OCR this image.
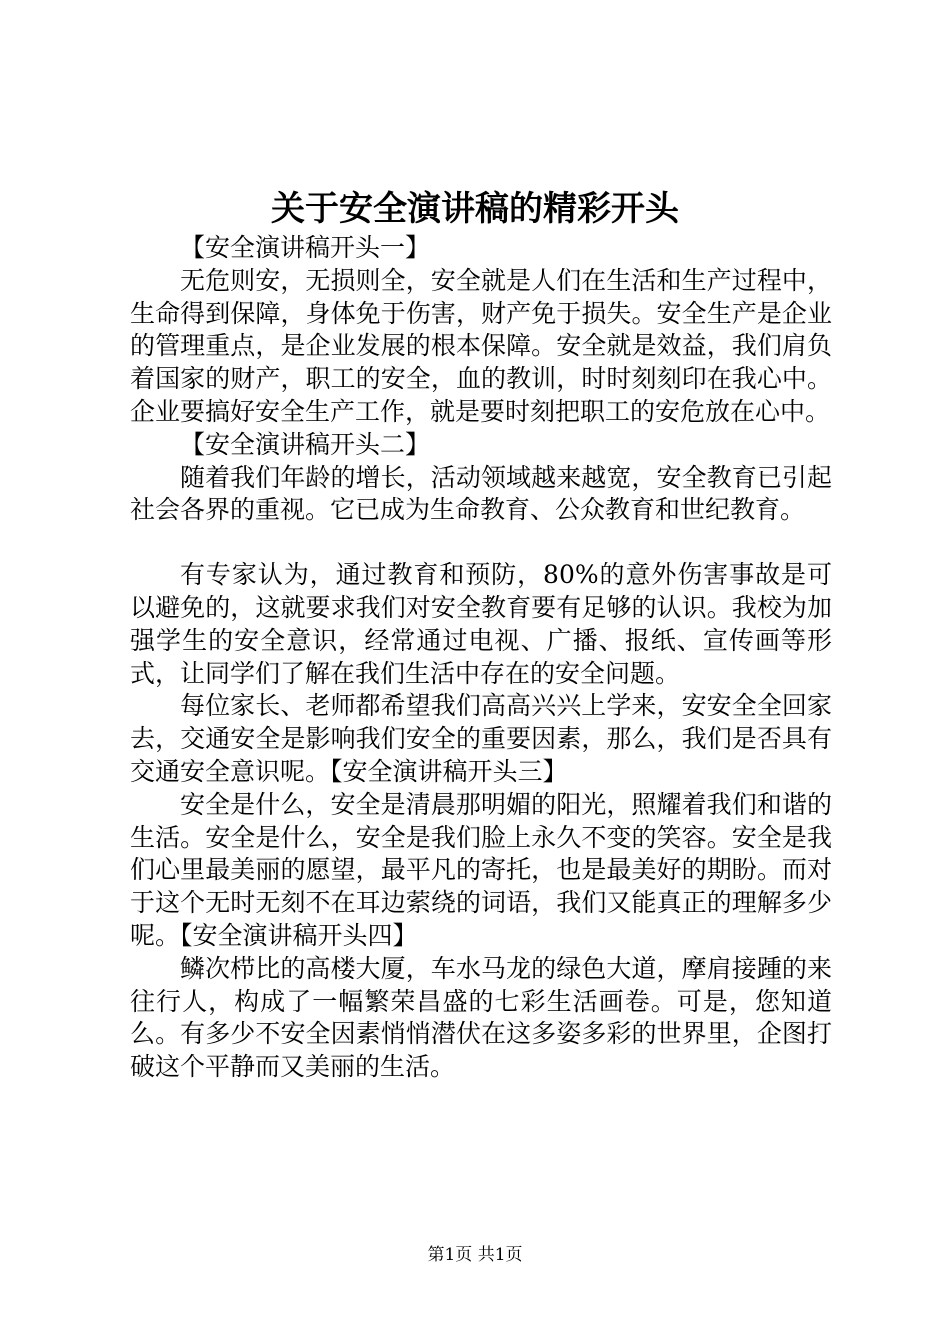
关于安全演讲稿的精彩开头

【安全演讲稿开头一】

无危则安，无损则全，安全就是人们在生活和生产过程中，生命得到保障，身体免于伤害，财产免于损失。安全生产是企业的管理重点，是企业发展的根本保障。安全就是效益，我们肩负着国家的财产，职工的安全，血的教训，时时刻刻印在我心中。企业要搞好安全生产工作，就是要时刻把职工的安危放在心中。

【安全演讲稿开头二】

随着我们年龄的增长，活动领域越来越宽，安全教育已引起社会各界的重视。它已成为生命教育、公众教育和世纪教育。

有专家认为，通过教育和预防，80%的意外伤害事故是可以避免的，这就要求我们对安全教育要有足够的认识。我校为加强学生的安全意识，经常通过电视、广播、报纸、宣传画等形式，让同学们了解在我们生活中存在的安全问题。

每位家长、老师都希望我们高高兴兴上学来，安安全全回家去，交通安全是影响我们安全的重要因素，那么，我们是否具有交通安全意识呢。【安全演讲稿开头三】

安全是什么，安全是清晨那明媚的阳光，照耀着我们和谐的生活。安全是什么，安全是我们脸上永久不变的笑容。安全是我们心里最美丽的愿望，最平凡的寄托，也是最美好的期盼。而对于这个无时无刻不在耳边萦绕的词语，我们又能真正的理解多少呢。【安全演讲稿开头四】

鳞次栉比的高楼大厦，车水马龙的绿色大道，摩肩接踵的来往行人，构成了一幅繁荣昌盛的七彩生活画卷。可是，您知道么。有多少不安全因素悄悄潜伏在这多姿多彩的世界里，企图打破这个平静而又美丽的生活。

第1页 共1页
